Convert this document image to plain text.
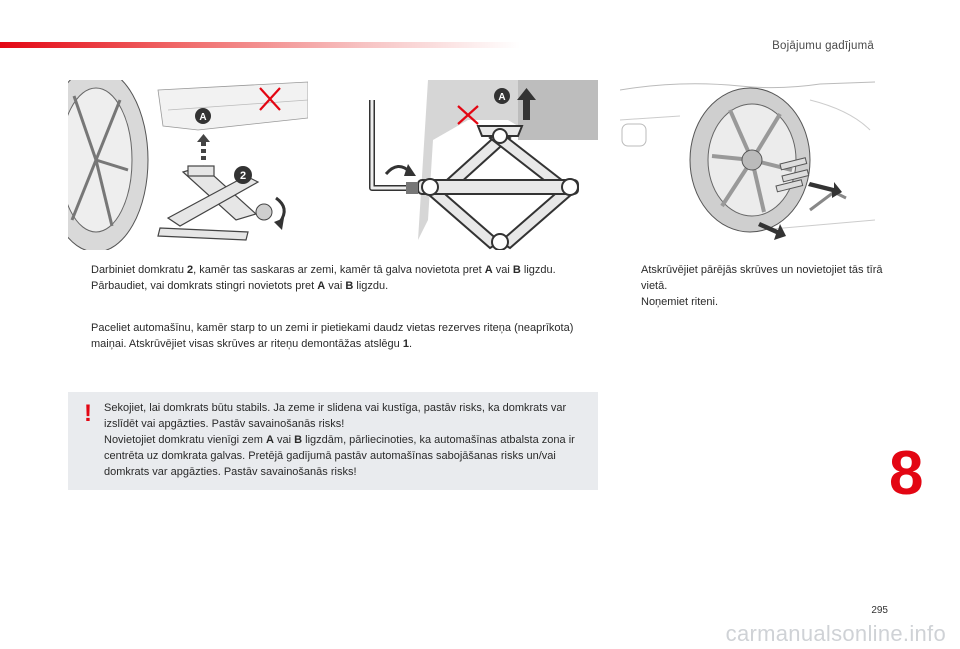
Bojājumu gadījumā
A
2
A
Darbiniet domkratu 2, kamēr tas saskaras ar zemi, kamēr tā galva novietota pret A vai B ligzdu. Pārbaudiet, vai domkrats stingri novietots pret A vai B ligzdu.
Paceliet automašīnu, kamēr starp to un zemi ir pietiekami daudz vietas rezerves riteņa (neaprīkota) maiņai. Atskrūvējiet visas skrūves ar riteņu demontāžas atslēgu 1.
Atskrūvējiet pārējās skrūves un novietojiet tās tīrā vietā.
Noņemiet riteni.
! Sekojiet, lai domkrats būtu stabils. Ja zeme ir slidena vai kustīga, pastāv risks, ka domkrats var izslīdēt vai apgāzties. Pastāv savainošanās risks!
Novietojiet domkratu vienīgi zem A vai B ligzdām, pārliecinoties, ka automašīnas atbalsta zona ir centrēta uz domkrata galvas. Pretējā gadījumā pastāv automašīnas sabojāšanas risks un/vai domkrats var apgāzties. Pastāv savainošanās risks!	8
295
carmanualsonline.info
